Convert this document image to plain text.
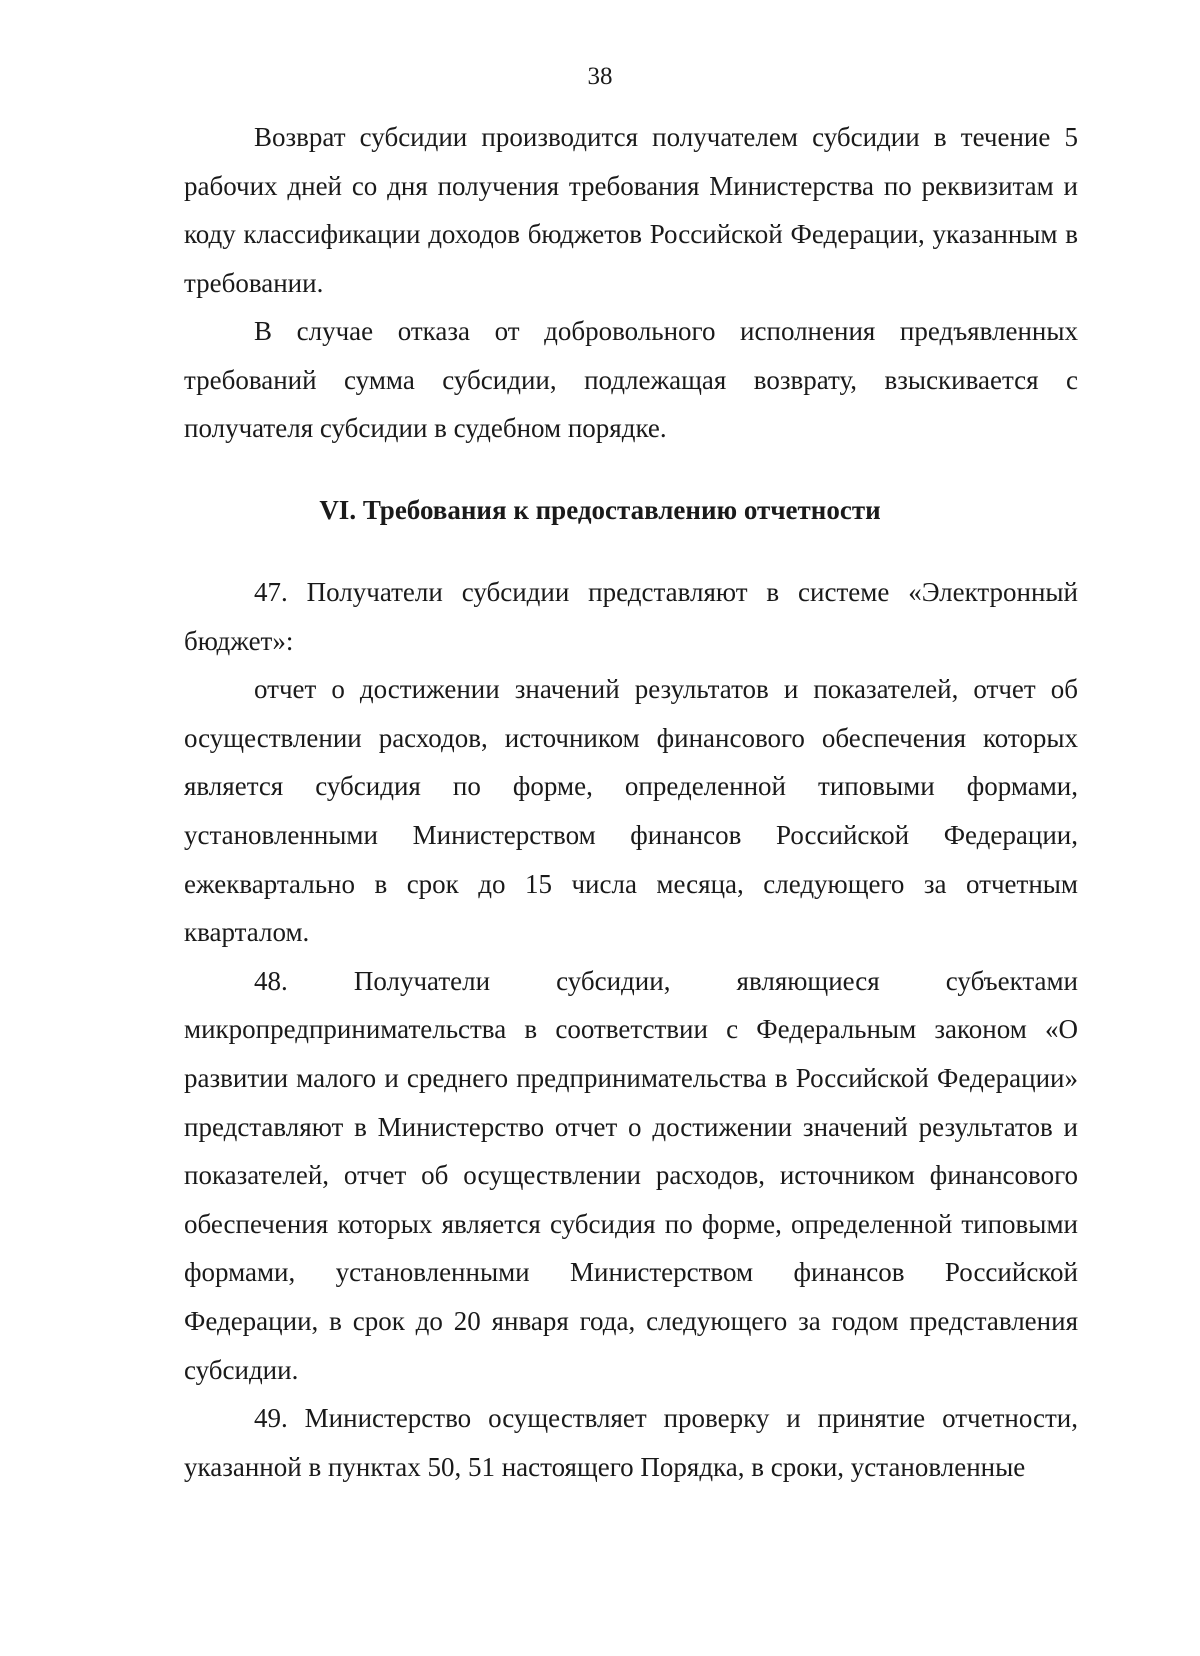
38

Возврат субсидии производится получателем субсидии в течение 5 рабочих дней со дня получения требования Министерства по реквизитам и коду классификации доходов бюджетов Российской Федерации, указанным в требовании.

В случае отказа от добровольного исполнения предъявленных требований сумма субсидии, подлежащая возврату, взыскивается с получателя субсидии в судебном порядке.

VI. Требования к предоставлению отчетности

47. Получатели субсидии представляют в системе «Электронный бюджет»:

отчет о достижении значений результатов и показателей, отчет об осуществлении расходов, источником финансового обеспечения которых является субсидия по форме, определенной типовыми формами, установленными Министерством финансов Российской Федерации, ежеквартально в срок до 15 числа месяца, следующего за отчетным кварталом.

48. Получатели субсидии, являющиеся субъектами микропредпринимательства в соответствии с Федеральным законом «О развитии малого и среднего предпринимательства в Российской Федерации» представляют в Министерство отчет о достижении значений результатов и показателей, отчет об осуществлении расходов, источником финансового обеспечения которых является субсидия по форме, определенной типовыми формами, установленными Министерством финансов Российской Федерации, в срок до 20 января года, следующего за годом представления субсидии.

49. Министерство осуществляет проверку и принятие отчетности, указанной в пунктах 50, 51 настоящего Порядка, в сроки, установленные
